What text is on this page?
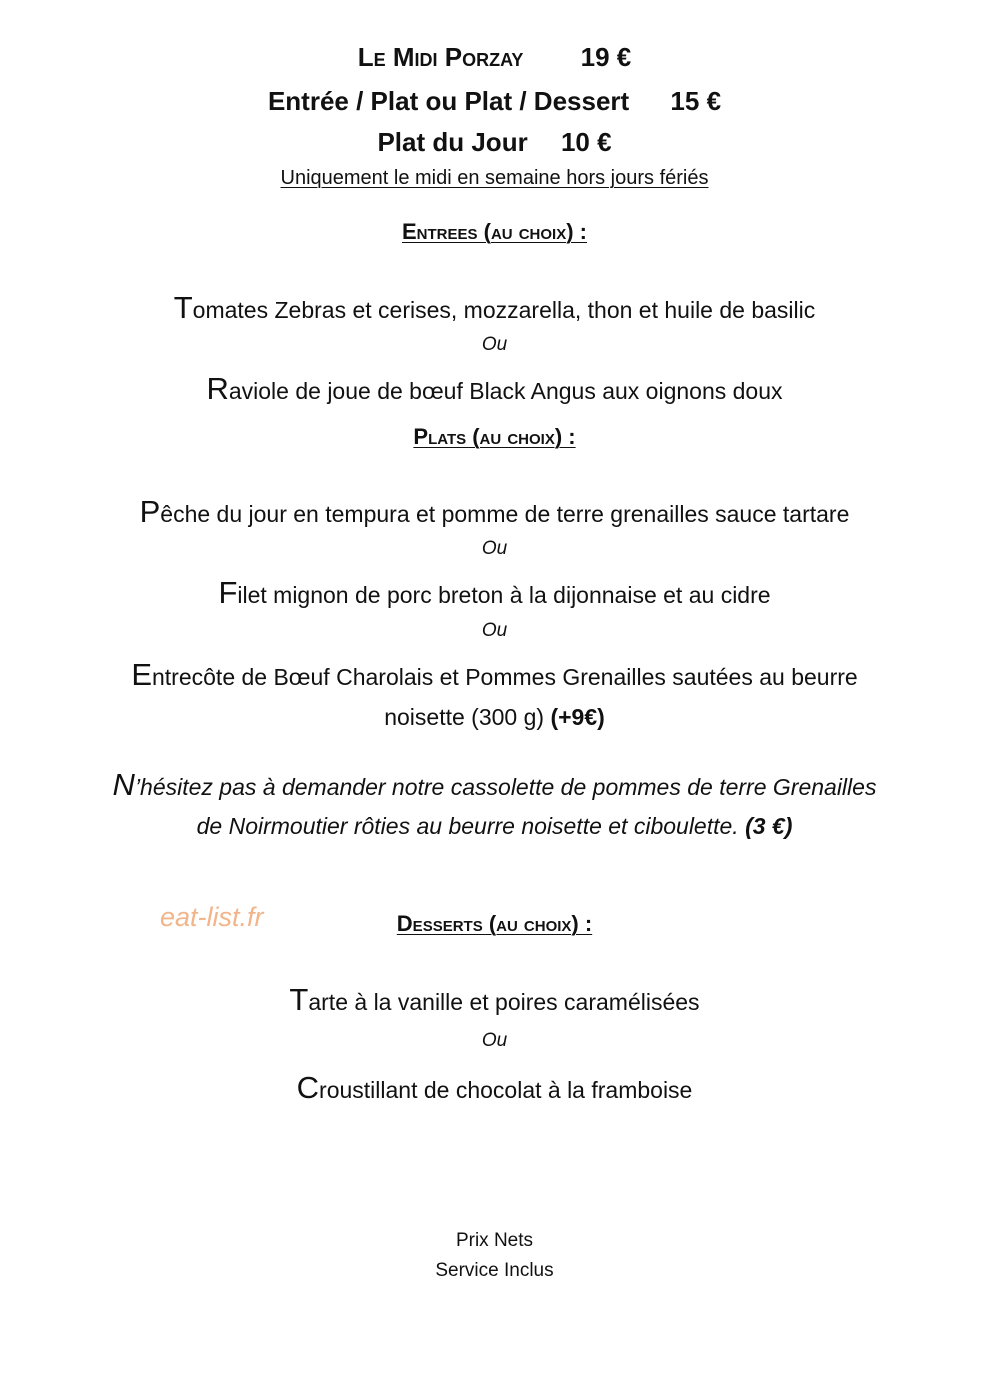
Le Midi Porzay 19 €
Entrée / Plat ou Plat / Dessert 15 €
Plat du Jour 10 €
Uniquement le midi en semaine hors jours fériés
Entrees (au choix) :
Tomates Zebras et cerises, mozzarella, thon et huile de basilic
Ou
Raviole de joue de bœuf Black Angus aux oignons doux
Plats (au choix) :
Pêche du jour en tempura et pomme de terre grenailles sauce tartare
Ou
Filet mignon de porc breton à la dijonnaise et au cidre
Ou
Entrecôte de Bœuf Charolais et Pommes Grenailles sautées au beurre
noisette (300 g) (+9€)
N’hésitez pas à demander notre cassolette de pommes de terre Grenailles
de Noirmoutier rôties au beurre noisette et ciboulette. (3 €)
eat-list.fr	Desserts (au choix) :
Tarte à la vanille et poires caramélisées
Ou
Croustillant de chocolat à la framboise
Prix Nets
Service Inclus
